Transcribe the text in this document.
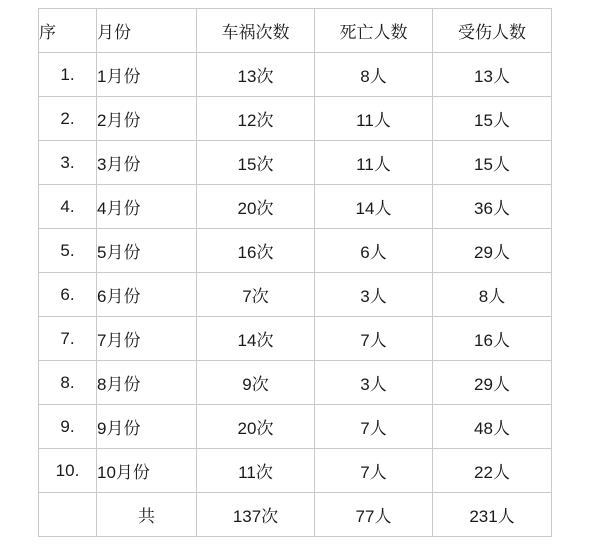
序	月份	车祸次数	死亡人数	受伤人数
1.	1月份	13次	8人	13人
2.	2月份	12次	11人	15人
3.	3月份	15次	11人	15人
4.	4月份	20次	14人	36人
5.	5月份	16次	6人	29人
6.	6月份	7次	3人	8人
7.	7月份	14次	7人	16人
8.	8月份	9次	3人	29人
9.	9月份	20次	7人	48人
10.	10月份	11次	7人	22人
	共	137次	77人	231人
